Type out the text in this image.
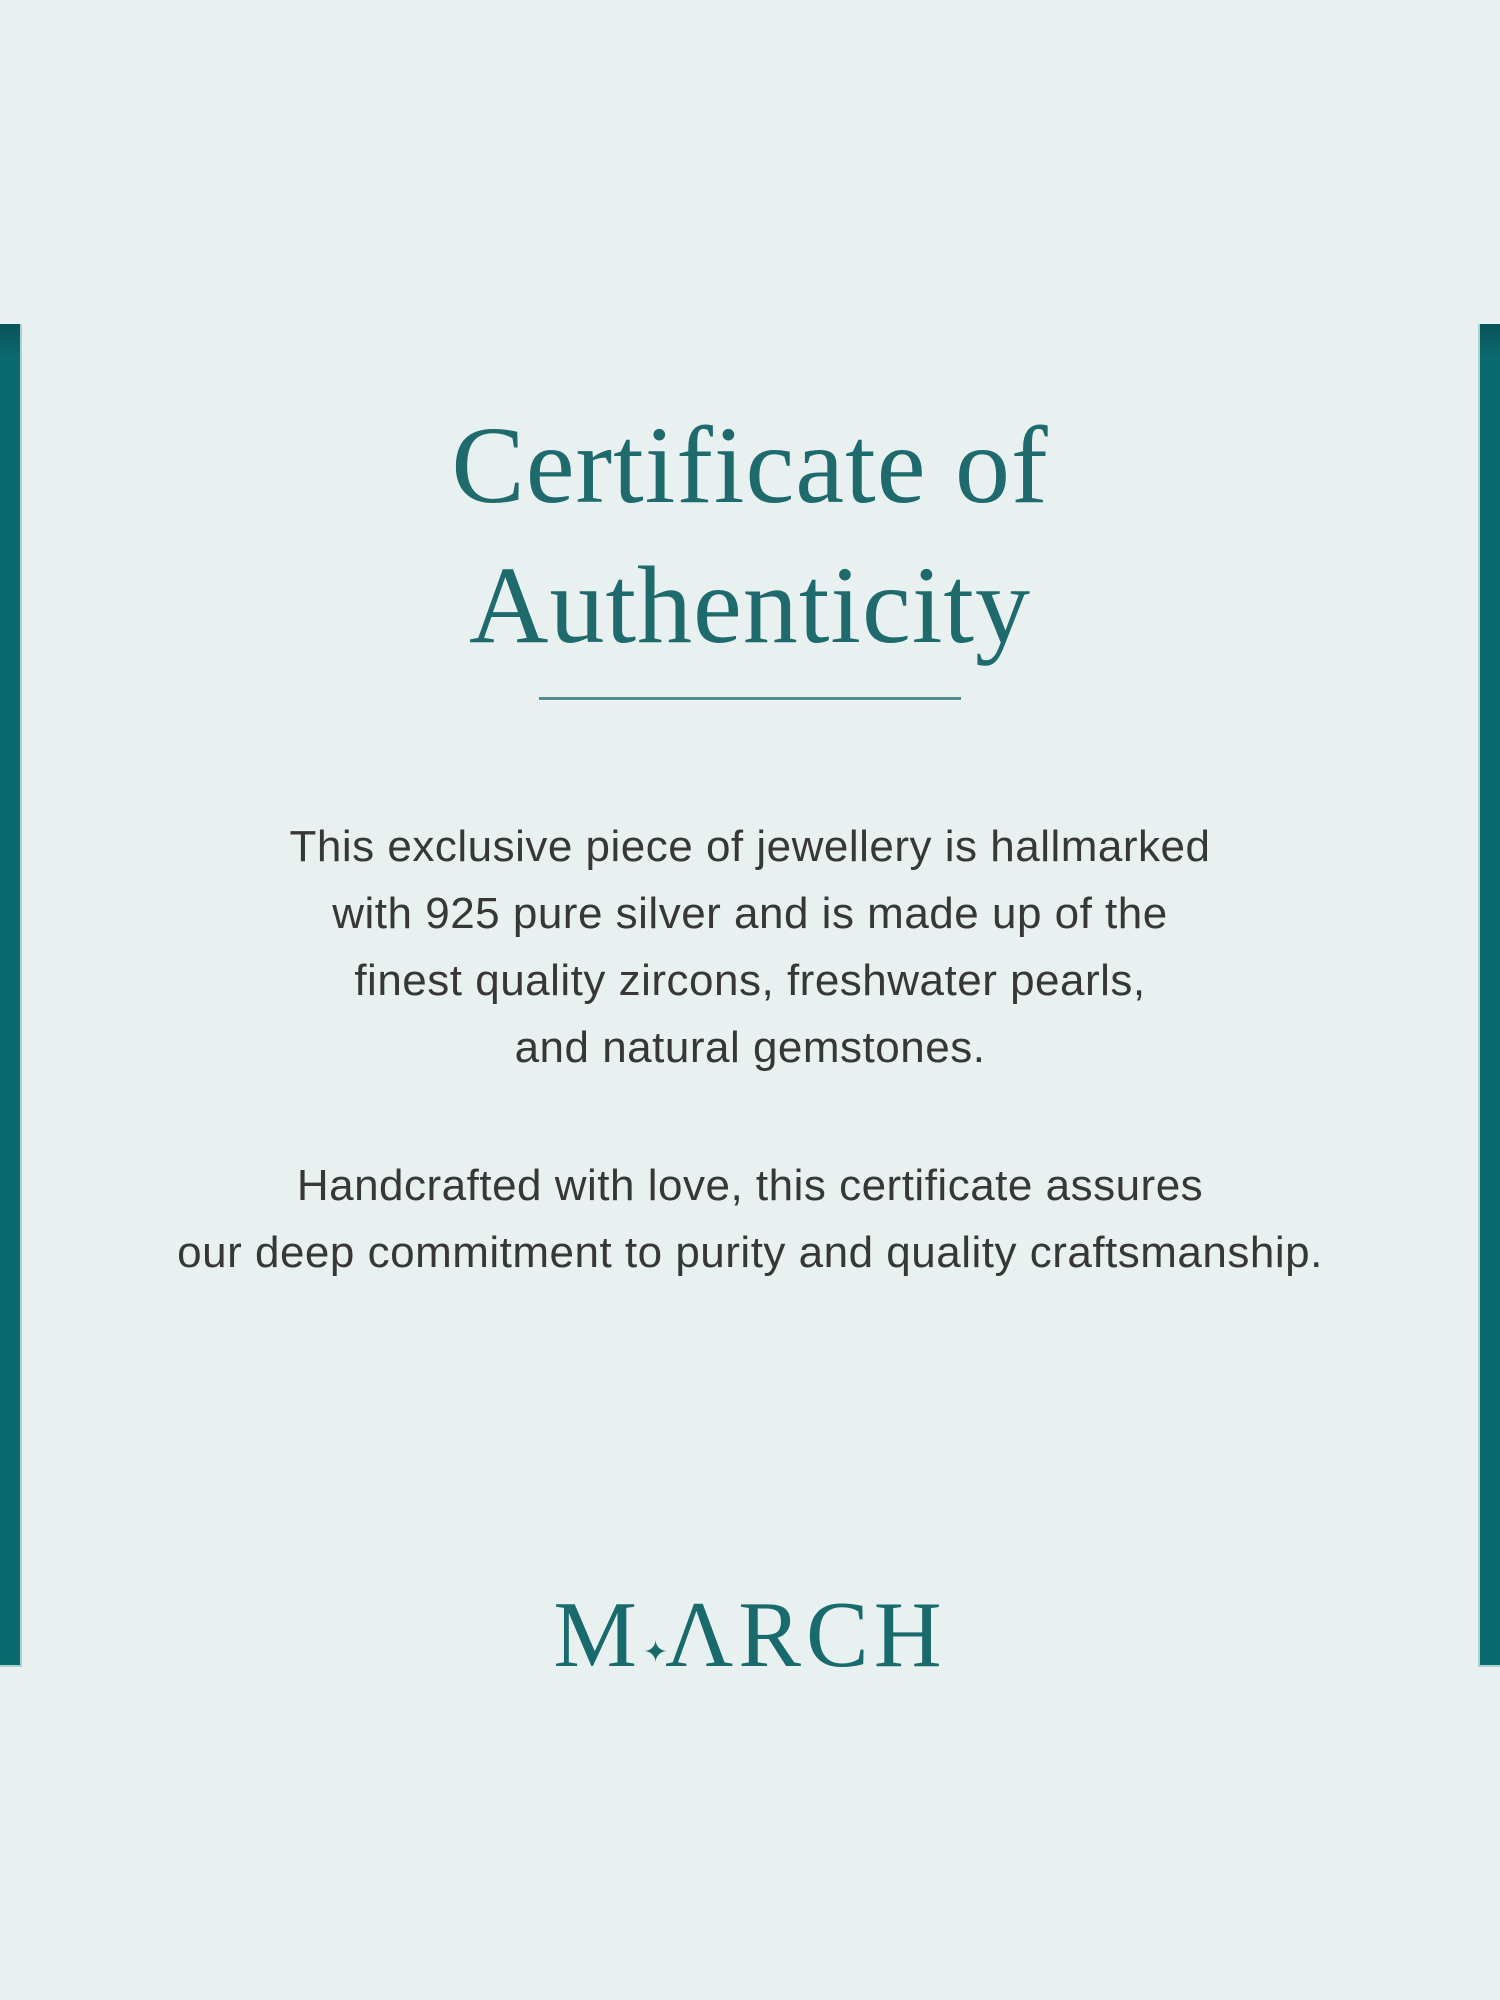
Certificate of
Authenticity
This exclusive piece of jewellery is hallmarked
with 925 pure silver and is made up of the
finest quality zircons, freshwater pearls,
and natural gemstones.
Handcrafted with love, this certificate assures
our deep commitment to purity and quality craftsmanship.
M✦ΛRCH
